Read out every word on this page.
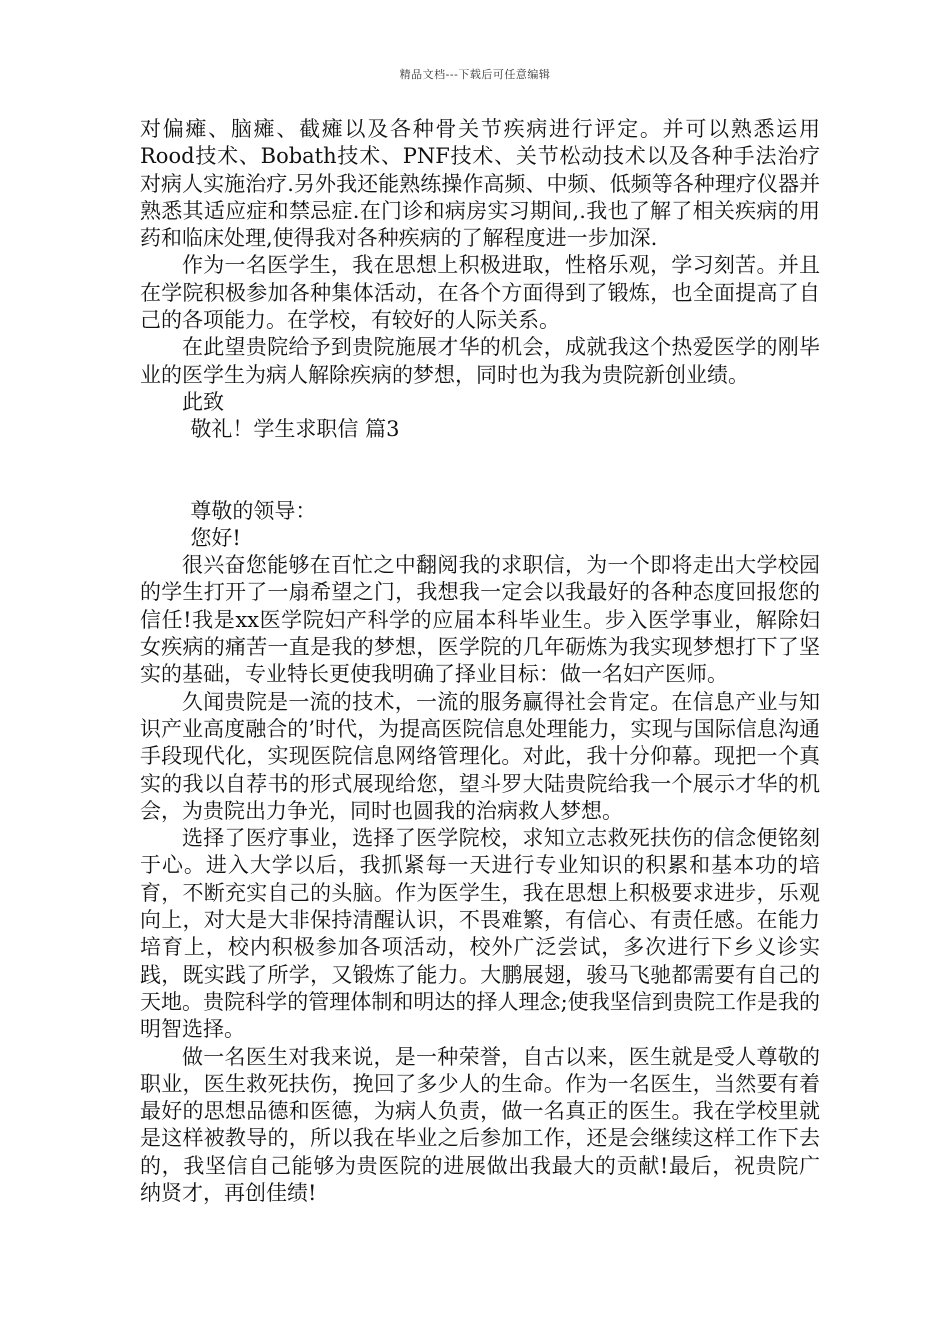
精品文档---下载后可任意编辑

对偏瘫、脑瘫、截瘫以及各种骨关节疾病进行评定。并可以熟悉运用Rood技术、Bobath技术、PNF技术、关节松动技术以及各种手法治疗对病人实施治疗.另外我还能熟练操作高频、中频、低频等各种理疗仪器并熟悉其适应症和禁忌症.在门诊和病房实习期间,.我也了解了相关疾病的用药和临床处理,使得我对各种疾病的了解程度进一步加深.

作为一名医学生，我在思想上积极进取，性格乐观，学习刻苦。并且在学院积极参加各种集体活动，在各个方面得到了锻炼，也全面提高了自己的各项能力。在学校，有较好的人际关系。

在此望贵院给予到贵院施展才华的机会，成就我这个热爱医学的刚毕业的医学生为病人解除疾病的梦想，同时也为我为贵院新创业绩。

此致

敬礼！学生求职信 篇3

尊敬的领导：

您好!

很兴奋您能够在百忙之中翻阅我的求职信，为一个即将走出大学校园的学生打开了一扇希望之门，我想我一定会以我最好的各种态度回报您的信任!我是xx医学院妇产科学的应届本科毕业生。步入医学事业，解除妇女疾病的痛苦一直是我的梦想，医学院的几年砺炼为我实现梦想打下了坚实的基础，专业特长更使我明确了择业目标：做一名妇产医师。

久闻贵院是一流的技术，一流的服务赢得社会肯定。在信息产业与知识产业高度融合的’时代，为提高医院信息处理能力，实现与国际信息沟通手段现代化，实现医院信息网络管理化。对此，我十分仰幕。现把一个真实的我以自荐书的形式展现给您，望斗罗大陆贵院给我一个展示才华的机会，为贵院出力争光，同时也圆我的治病救人梦想。

选择了医疗事业，选择了医学院校，求知立志救死扶伤的信念便铭刻于心。进入大学以后，我抓紧每一天进行专业知识的积累和基本功的培育，不断充实自己的头脑。作为医学生，我在思想上积极要求进步，乐观向上，对大是大非保持清醒认识，不畏难繁，有信心、有责任感。在能力培育上，校内积极参加各项活动，校外广泛尝试，多次进行下乡义诊实践，既实践了所学，又锻炼了能力。大鹏展翅，骏马飞驰都需要有自己的天地。贵院科学的管理体制和明达的择人理念;使我坚信到贵院工作是我的明智选择。

做一名医生对我来说，是一种荣誉，自古以来，医生就是受人尊敬的职业，医生救死扶伤，挽回了多少人的生命。作为一名医生，当然要有着最好的思想品德和医德，为病人负责，做一名真正的医生。我在学校里就是这样被教导的，所以我在毕业之后参加工作，还是会继续这样工作下去的，我坚信自己能够为贵医院的进展做出我最大的贡献!最后，祝贵院广纳贤才，再创佳绩!
